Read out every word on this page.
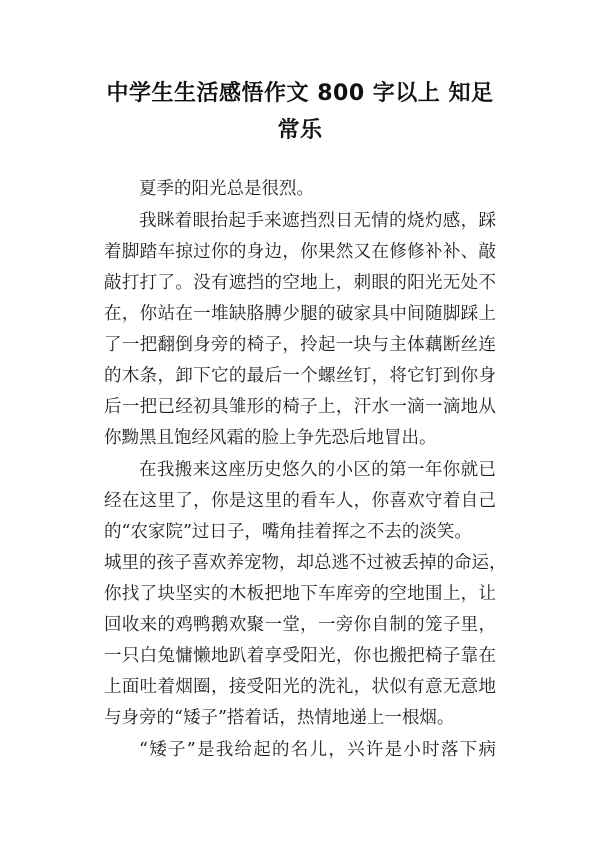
中学生生活感悟作文 800 字以上 知足
常乐

夏季的阳光总是很烈。

我眯着眼抬起手来遮挡烈日无情的烧灼感，踩

着脚踏车掠过你的身边，你果然又在修修补补、敲

敲打打了。没有遮挡的空地上，刺眼的阳光无处不

在，你站在一堆缺胳膊少腿的破家具中间随脚踩上

了一把翻倒身旁的椅子，拎起一块与主体藕断丝连

的木条，卸下它的最后一个螺丝钉，将它钉到你身

后一把已经初具雏形的椅子上，汗水一滴一滴地从

你黝黑且饱经风霜的脸上争先恐后地冒出。

在我搬来这座历史悠久的小区的第一年你就已

经在这里了，你是这里的看车人，你喜欢守着自己

的“农家院”过日子，嘴角挂着挥之不去的淡笑。

城里的孩子喜欢养宠物，却总逃不过被丢掉的命运，

你找了块坚实的木板把地下车库旁的空地围上，让

回收来的鸡鸭鹅欢聚一堂，一旁你自制的笼子里，

一只白兔慵懒地趴着享受阳光，你也搬把椅子靠在

上面吐着烟圈，接受阳光的洗礼，状似有意无意地

与身旁的“矮子”搭着话，热情地递上一根烟。

“矮子”是我给起的名儿，兴许是小时落下病
